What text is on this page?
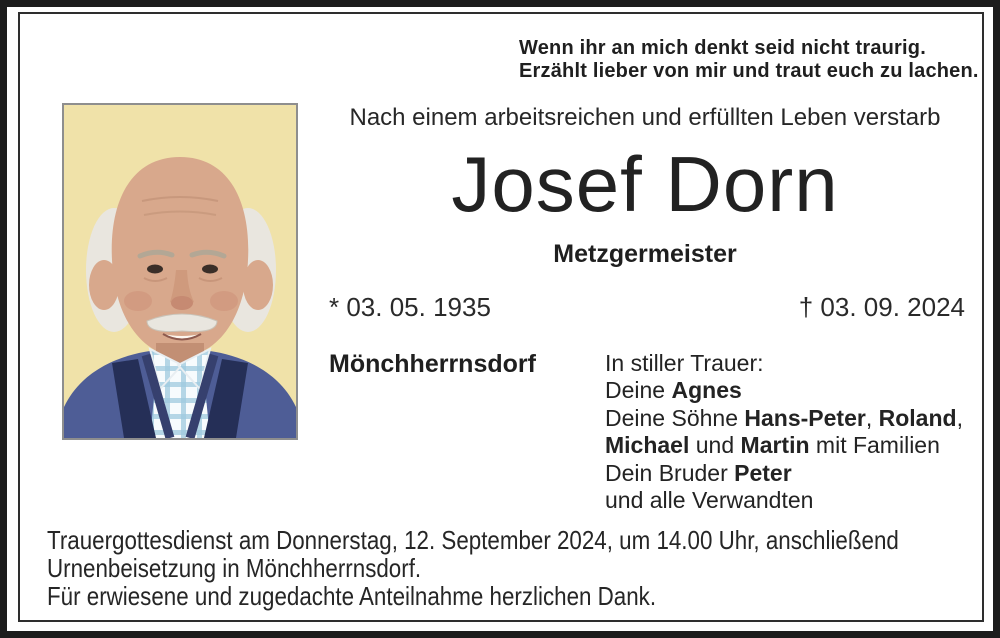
Wenn ihr an mich denkt seid nicht traurig.
Erzählt lieber von mir und traut euch zu lachen.
Nach einem arbeitsreichen und erfüllten Leben verstarb
Josef Dorn
Metzgermeister
* 03. 05. 1935	† 03. 09. 2024
Mönchherrnsdorf	In stiller Trauer:
Deine Agnes
Deine Söhne Hans-Peter, Roland,
Michael und Martin mit Familien
Dein Bruder Peter
und alle Verwandten
Trauergottesdienst am Donnerstag, 12. September 2024, um 14.00 Uhr, anschließend
Urnenbeisetzung in Mönchherrnsdorf.
Für erwiesene und zugedachte Anteilnahme herzlichen Dank.
